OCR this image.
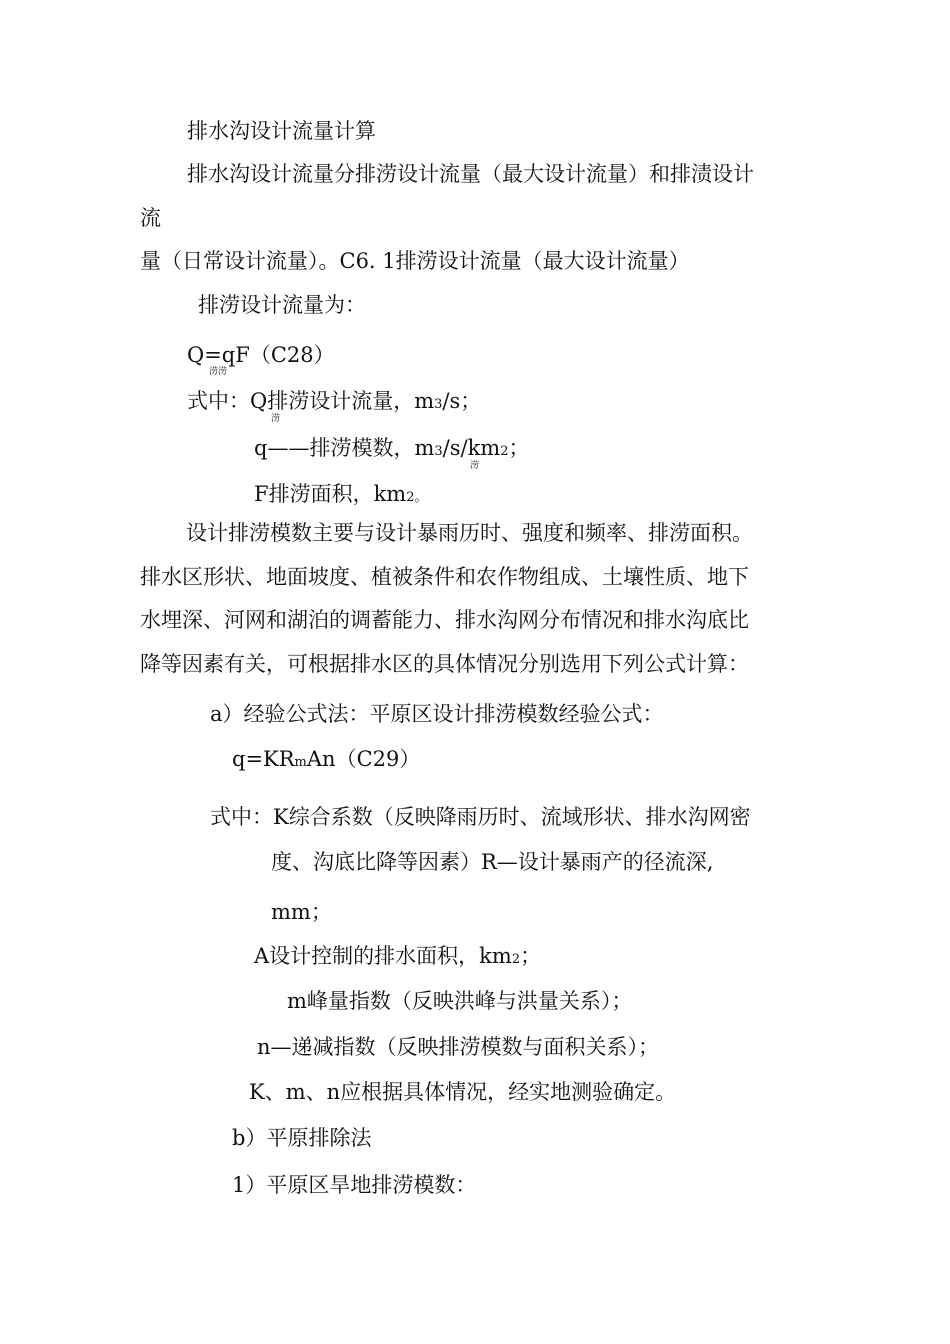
排水沟设计流量计算
排水沟设计流量分排涝设计流量（最大设计流量）和排渍设计
流
量（日常设计流量）。C6. 1排涝设计流量（最大设计流量）
排涝设计流量为：
Q=qF（C28）
涝涝
式中：Q排涝设计流量，m3/s；
涝
q——排涝模数，m3/s/km2；
涝
F排涝面积，km2。
设计排涝模数主要与设计暴雨历时、强度和频率、排涝面积。
排水区形状、地面坡度、植被条件和农作物组成、土壤性质、地下
水埋深、河网和湖泊的调蓄能力、排水沟网分布情况和排水沟底比
降等因素有关，可根据排水区的具体情况分别选用下列公式计算：
a）经验公式法：平原区设计排涝模数经验公式：
q=KRmAn（C29）
式中：K综合系数（反映降雨历时、流域形状、排水沟网密
度、沟底比降等因素）R—设计暴雨产的径流深,
mm；
A设计控制的排水面积，km2；
m峰量指数（反映洪峰与洪量关系）；
n—递减指数（反映排涝模数与面积关系）；
K、m、n应根据具体情况，经实地测验确定。
b）平原排除法
1）平原区旱地排涝模数：
